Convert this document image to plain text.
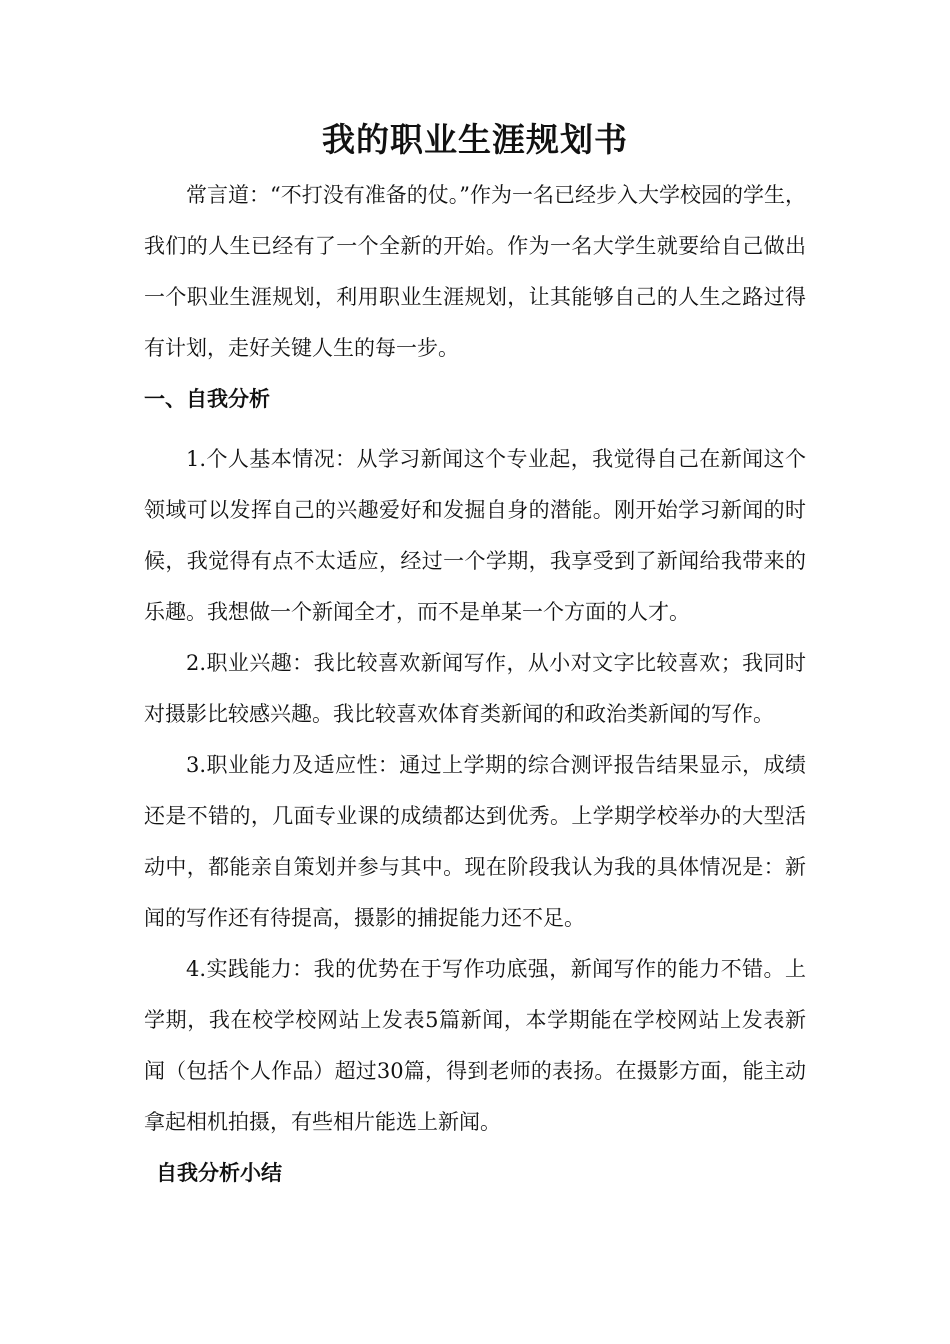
我的职业生涯规划书

常言道：“不打没有准备的仗。”作为一名已经步入大学校园的学生，我们的人生已经有了一个全新的开始。作为一名大学生就要给自己做出一个职业生涯规划，利用职业生涯规划，让其能够自己的人生之路过得有计划，走好关键人生的每一步。

一、自我分析

1.个人基本情况：从学习新闻这个专业起，我觉得自己在新闻这个领域可以发挥自己的兴趣爱好和发掘自身的潜能。刚开始学习新闻的时候，我觉得有点不太适应，经过一个学期，我享受到了新闻给我带来的乐趣。我想做一个新闻全才，而不是单某一个方面的人才。

2.职业兴趣：我比较喜欢新闻写作，从小对文字比较喜欢；我同时对摄影比较感兴趣。我比较喜欢体育类新闻的和政治类新闻的写作。

3.职业能力及适应性：通过上学期的综合测评报告结果显示，成绩还是不错的，几面专业课的成绩都达到优秀。上学期学校举办的大型活动中，都能亲自策划并参与其中。现在阶段我认为我的具体情况是：新闻的写作还有待提高，摄影的捕捉能力还不足。

4.实践能力：我的优势在于写作功底强，新闻写作的能力不错。上学期，我在校学校网站上发表5篇新闻，本学期能在学校网站上发表新闻（包括个人作品）超过30篇，得到老师的表扬。在摄影方面，能主动拿起相机拍摄，有些相片能选上新闻。

自我分析小结
